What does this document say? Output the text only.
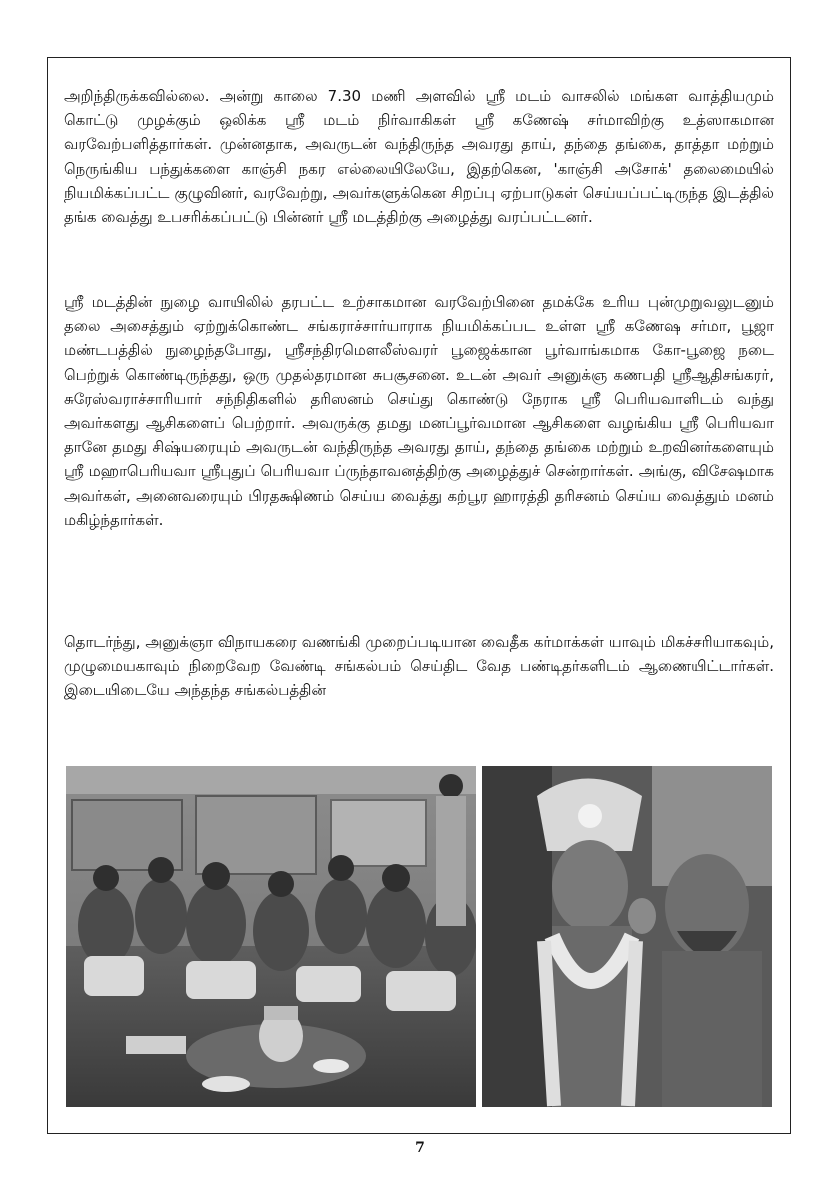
அறிந்திருக்கவில்லை. அன்று காலை 7.30 மணி அளவில் ஸ்ரீ மடம் வாசலில் மங்கள வாத்தியமும் கொட்டு முழக்கும் ஒலிக்க ஸ்ரீ மடம் நிர்வாகிகள் ஸ்ரீ கணேஷ் சர்மாவிற்கு உத்ஸாகமான வரவேற்பளித்தார்கள். முன்னதாக, அவருடன் வந்திருந்த அவரது தாய், தந்தை தங்கை, தாத்தா மற்றும் நெருங்கிய பந்துக்களை காஞ்சி நகர எல்லையிலேயே, இதற்கென, 'காஞ்சி அசோக்' தலைமையில் நியமிக்கப்பட்ட குழுவினர், வரவேற்று, அவர்களுக்கென சிறப்பு ஏற்பாடுகள் செய்யப்பட்டிருந்த இடத்தில் தங்க வைத்து உபசரிக்கப்பட்டு பின்னர் ஸ்ரீ மடத்திற்கு அழைத்து வரப்பட்டனர்.

ஸ்ரீ மடத்தின் நுழை வாயிலில் தரபட்ட உற்சாகமான வரவேற்பினை தமக்கே உரிய புன்முறுவலுடனும் தலை அசைத்தும் ஏற்றுக்கொண்ட சங்கராச்சார்யாராக நியமிக்கப்பட உள்ள ஸ்ரீ கணேஷ சர்மா, பூஜா மண்டபத்தில் நுழைந்தபோது, ஸ்ரீசந்திரமௌலீஸ்வரர் பூஜைக்கான பூர்வாங்கமாக கோ-பூஜை நடை பெற்றுக் கொண்டிருந்தது, ஒரு முதல்தரமான சுபசூசனை. உடன் அவர் அனுக்ஞ கணபதி ஸ்ரீஆதிசங்கரர், சுரேஸ்வராச்சாரியார் சந்நிதிகளில் தரிஸனம் செய்து கொண்டு நேராக ஸ்ரீ பெரியவாளிடம் வந்து அவர்களது ஆசிகளைப் பெற்றார். அவருக்கு தமது மனப்பூர்வமான ஆசிகளை வழங்கிய ஸ்ரீ பெரியவா தானே தமது சிஷ்யரையும் அவருடன் வந்திருந்த அவரது தாய், தந்தை தங்கை மற்றும் உறவினர்களையும் ஸ்ரீ மஹாபெரியவா ஸ்ரீபுதுப் பெரியவா ப்ருந்தாவனத்திற்கு அழைத்துச் சென்றார்கள். அங்கு, விசேஷமாக அவர்கள், அனைவரையும் பிரதக்ஷிணம் செய்ய வைத்து கற்பூர ஹாரத்தி தரிசனம் செய்ய வைத்தும் மனம் மகிழ்ந்தார்கள்.

தொடர்ந்து, அனுக்ஞா விநாயகரை வணங்கி முறைப்படியான வைதீக கர்மாக்கள் யாவும் மிகச்சரியாகவும், முழுமையகாவும் நிறைவேற வேண்டி சங்கல்பம் செய்திட வேத பண்டிதர்களிடம் ஆணையிட்டார்கள். இடையிடையே அந்தந்த சங்கல்பத்தின்

7
